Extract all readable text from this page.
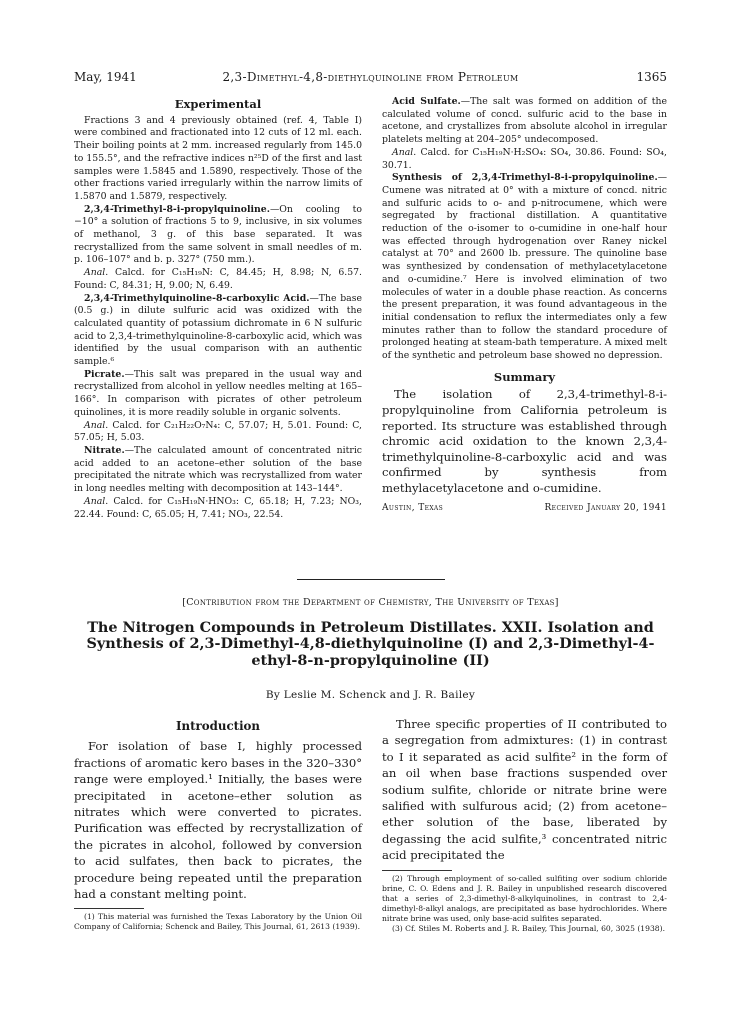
May, 1941	2,3-Dimethyl-4,8-diethylquinoline from Petroleum	1365
Experimental

Fractions 3 and 4 previously obtained (ref. 4, Table I) were combined and fractionated into 12 cuts of 12 ml. each. Their boiling points at 2 mm. increased regularly from 145.0 to 155.5°, and the refractive indices n²⁵D of the first and last samples were 1.5845 and 1.5890, respectively. Those of the other fractions varied irregularly within the narrow limits of 1.5870 and 1.5879, respectively.

2,3,4-Trimethyl-8-i-propylquinoline.—On cooling to −10° a solution of fractions 5 to 9, inclusive, in six volumes of methanol, 3 g. of this base separated. It was recrystallized from the same solvent in small needles of m. p. 106–107° and b. p. 327° (750 mm.).

Anal. Calcd. for C₁₅H₁₉N: C, 84.45; H, 8.98; N, 6.57. Found: C, 84.31; H, 9.00; N, 6.49.

2,3,4-Trimethylquinoline-8-carboxylic Acid.—The base (0.5 g.) in dilute sulfuric acid was oxidized with the calculated quantity of potassium dichromate in 6 N sulfuric acid to 2,3,4-trimethylquinoline-8-carboxylic acid, which was identified by the usual comparison with an authentic sample.⁶

Picrate.—This salt was prepared in the usual way and recrystallized from alcohol in yellow needles melting at 165–166°. In comparison with picrates of other petroleum quinolines, it is more readily soluble in organic solvents.

Anal. Calcd. for C₂₁H₂₂O₇N₄: C, 57.07; H, 5.01. Found: C, 57.05; H, 5.03.

Nitrate.—The calculated amount of concentrated nitric acid added to an acetone–ether solution of the base precipitated the nitrate which was recrystallized from water in long needles melting with decomposition at 143–144°.

Anal. Calcd. for C₁₅H₁₉N·HNO₃: C, 65.18; H, 7.23; NO₃, 22.44. Found: C, 65.05; H, 7.41; NO₃, 22.54.

Acid Sulfate.—The salt was formed on addition of the calculated volume of concd. sulfuric acid to the base in acetone, and crystallizes from absolute alcohol in irregular platelets melting at 204–205° undecomposed.

Anal. Calcd. for C₁₅H₁₉N·H₂SO₄: SO₄, 30.86. Found: SO₄, 30.71.

Synthesis of 2,3,4-Trimethyl-8-i-propylquinoline.—Cumene was nitrated at 0° with a mixture of concd. nitric and sulfuric acids to o- and p-nitrocumene, which were segregated by fractional distillation. A quantitative reduction of the o-isomer to o-cumidine in one-half hour was effected through hydrogenation over Raney nickel catalyst at 70° and 2600 lb. pressure. The quinoline base was synthesized by condensation of methylacetylacetone and o-cumidine.⁷ Here is involved elimination of two molecules of water in a double phase reaction. As concerns the present preparation, it was found advantageous in the initial condensation to reflux the intermediates only a few minutes rather than to follow the standard procedure of prolonged heating at steam-bath temperature. A mixed melt of the synthetic and petroleum base showed no depression.

Summary

The isolation of 2,3,4-trimethyl-8-i-propylquinoline from California petroleum is reported. Its structure was established through chromic acid oxidation to the known 2,3,4-trimethylquinoline-8-carboxylic acid and was confirmed by synthesis from methylacetylacetone and o-cumidine.

Austin, Texas	Received January 20, 1941
[Contribution from the Department of Chemistry, The University of Texas]
The Nitrogen Compounds in Petroleum Distillates. XXII. Isolation and Synthesis of 2,3-Dimethyl-4,8-diethylquinoline (I) and 2,3-Dimethyl-4-ethyl-8-n-propylquinoline (II)
By Leslie M. Schenck and J. R. Bailey
Introduction

For isolation of base I, highly processed fractions of aromatic kero bases in the 320–330° range were employed.¹ Initially, the bases were precipitated in acetone–ether solution as nitrates which were converted to picrates. Purification was effected by recrystallization of the picrates in alcohol, followed by conversion to acid sulfates, then back to picrates, the procedure being repeated until the preparation had a constant melting point.

(1) This material was furnished the Texas Laboratory by the Union Oil Company of California; Schenck and Bailey, This Journal, 61, 2613 (1939).

Three specific properties of II contributed to a segregation from admixtures: (1) in contrast to I it separated as acid sulfite² in the form of an oil when base fractions suspended over sodium sulfite, chloride or nitrate brine were salified with sulfurous acid; (2) from acetone–ether solution of the base, liberated by degassing the acid sulfite,³ concentrated nitric acid precipitated the

(2) Through employment of so-called sulfiting over sodium chloride brine, C. O. Edens and J. R. Bailey in unpublished research discovered that a series of 2,3-dimethyl-8-alkylquinolines, in contrast to 2,4-dimethyl-8-alkyl analogs, are precipitated as base hydrochlorides. Where nitrate brine was used, only base-acid sulfites separated.

(3) Cf. Stiles M. Roberts and J. R. Bailey, This Journal, 60, 3025 (1938).
